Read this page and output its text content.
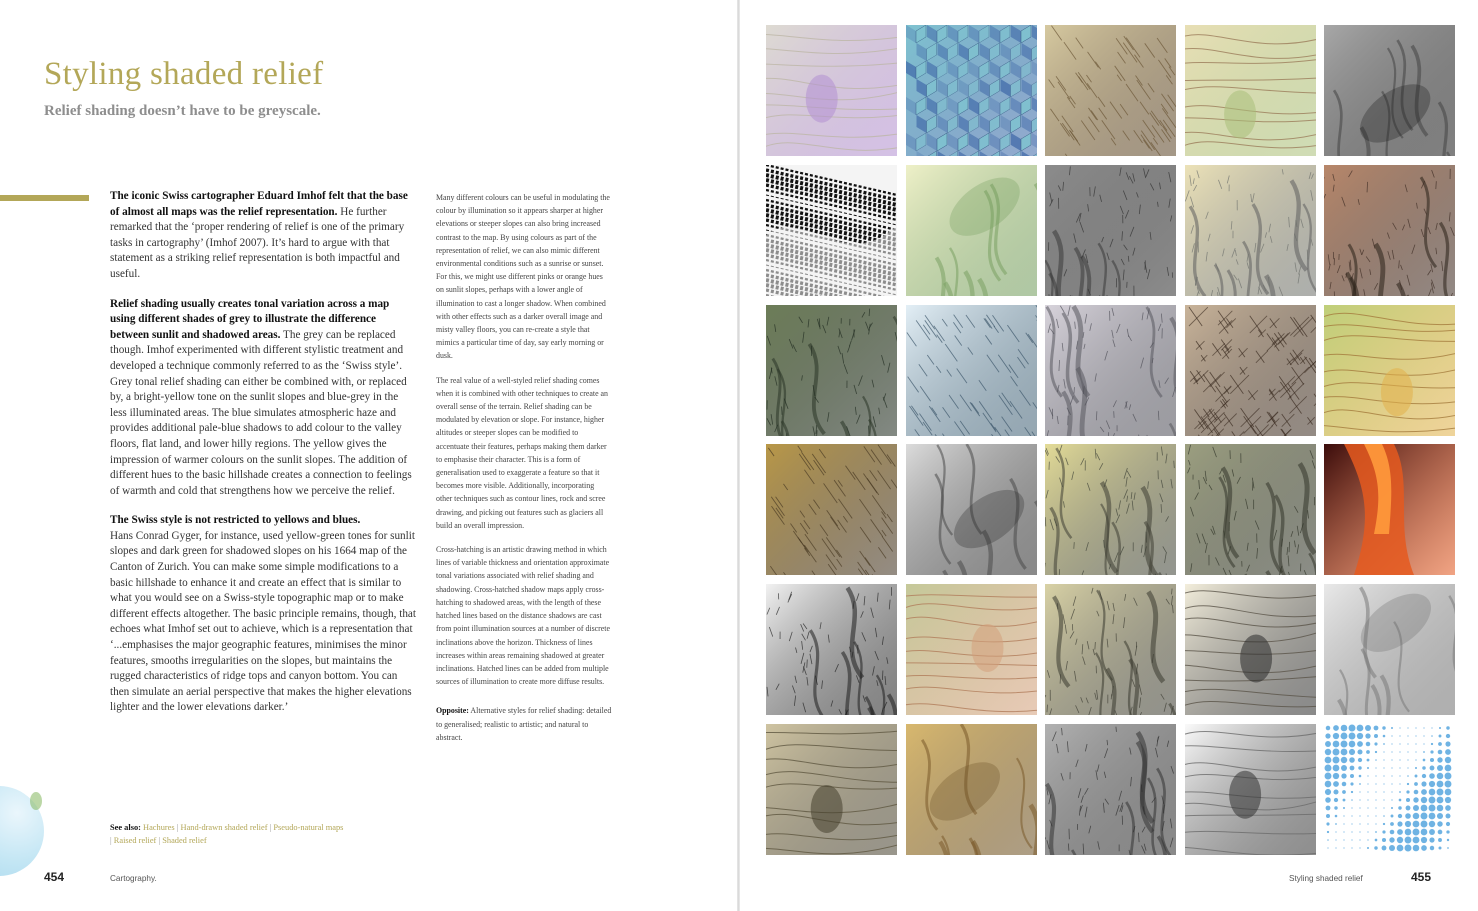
Styling shaded relief
Relief shading doesn’t have to be greyscale.

The iconic Swiss cartographer Eduard Imhof felt that the base of almost all maps was the relief representation. He further remarked that the ‘proper rendering of relief is one of the primary tasks in cartography’ (Imhof 2007). It’s hard to argue with that statement as a striking relief representation is both impactful and useful.

Relief shading usually creates tonal variation across a map using different shades of grey to illustrate the difference between sunlit and shadowed areas. The grey can be replaced though. Imhof experimented with different stylistic treatment and developed a technique commonly referred to as the ‘Swiss style’. Grey tonal relief shading can either be combined with, or replaced by, a bright-yellow tone on the sunlit slopes and blue-grey in the less illuminated areas. The blue simulates atmospheric haze and provides additional pale-blue shadows to add colour to the valley floors, flat land, and lower hilly regions. The yellow gives the impression of warmer colours on the sunlit slopes. The addition of different hues to the basic hillshade creates a connection to feelings of warmth and cold that strengthens how we perceive the relief.

The Swiss style is not restricted to yellows and blues.
Hans Conrad Gyger, for instance, used yellow-green tones for sunlit slopes and dark green for shadowed slopes on his 1664 map of the Canton of Zurich. You can make some simple modifications to a basic hillshade to enhance it and create an effect that is similar to what you would see on a Swiss-style topographic map or to make different effects altogether. The basic principle remains, though, that echoes what Imhof set out to achieve, which is a representation that ‘...emphasises the major geographic features, minimises the minor features, smooths irregularities on the slopes, but maintains the rugged characteristics of ridge tops and canyon bottom. You can then simulate an aerial perspective that makes the higher elevations lighter and the lower elevations darker.’

Many different colours can be useful in modulating the colour by illumination so it appears sharper at higher elevations or steeper slopes can also bring increased contrast to the map. By using colours as part of the representation of relief, we can also mimic different environmental conditions such as a sunrise or sunset. For this, we might use different pinks or orange hues on sunlit slopes, perhaps with a lower angle of illumination to cast a longer shadow. When combined with other effects such as a darker overall image and misty valley floors, you can re-create a style that mimics a particular time of day, say early morning or dusk.

The real value of a well-styled relief shading comes when it is combined with other techniques to create an overall sense of the terrain. Relief shading can be modulated by elevation or slope. For instance, higher altitudes or steeper slopes can be modified to accentuate their features, perhaps making them darker to emphasise their character. This is a form of generalisation used to exaggerate a feature so that it becomes more visible. Additionally, incorporating other techniques such as contour lines, rock and scree drawing, and picking out features such as glaciers all build an overall impression.

Cross-hatching is an artistic drawing method in which lines of variable thickness and orientation approximate tonal variations associated with relief shading and shadowing. Cross-hatched shadow maps apply cross-hatching to shadowed areas, with the length of these hatched lines based on the distance shadows are cast from point illumination sources at a number of discrete inclinations above the horizon. Thickness of lines increases within areas remaining shadowed at greater inclinations. Hatched lines can be added from multiple sources of illumination to create more diffuse results.

Opposite: Alternative styles for relief shading: detailed to generalised; realistic to artistic; and natural to abstract.

See also: Hachures | Hand-drawn shaded relief | Pseudo-natural maps
| Raised relief | Shaded relief
454	Cartography.	Styling shaded relief	455
